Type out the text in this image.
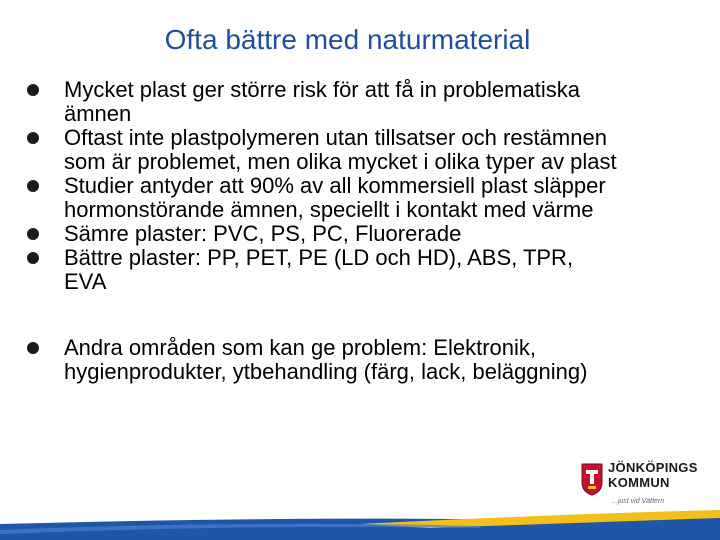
Ofta bättre med naturmaterial
Mycket plast ger större risk för att få in problematiska
ämnen
Oftast inte plastpolymeren utan tillsatser och restämnen
som är problemet, men olika mycket i olika typer av plast
Studier antyder att 90% av all kommersiell plast släpper
hormonstörande ämnen, speciellt i kontakt med värme
Sämre plaster: PVC, PS, PC, Fluorerade
Bättre plaster: PP, PET, PE (LD och HD), ABS, TPR,
EVA
Andra områden som kan ge problem: Elektronik,
hygienprodukter, ytbehandling (färg, lack, beläggning)
JÖNKÖPINGS
KOMMUN
...just vid Vättern
